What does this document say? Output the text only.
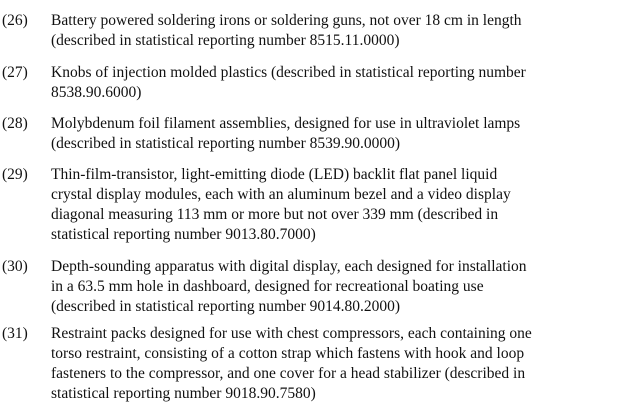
(26) Battery powered soldering irons or soldering guns, not over 18 cm in length
(described in statistical reporting number 8515.11.0000)
(27) Knobs of injection molded plastics (described in statistical reporting number
8538.90.6000)
(28) Molybdenum foil filament assemblies, designed for use in ultraviolet lamps
(described in statistical reporting number 8539.90.0000)
(29) Thin-film-transistor, light-emitting diode (LED) backlit flat panel liquid
crystal display modules, each with an aluminum bezel and a video display
diagonal measuring 113 mm or more but not over 339 mm (described in
statistical reporting number 9013.80.7000)
(30) Depth-sounding apparatus with digital display, each designed for installation
in a 63.5 mm hole in dashboard, designed for recreational boating use
(described in statistical reporting number 9014.80.2000)
(31) Restraint packs designed for use with chest compressors, each containing one
torso restraint, consisting of a cotton strap which fastens with hook and loop
fasteners to the compressor, and one cover for a head stabilizer (described in
statistical reporting number 9018.90.7580)
